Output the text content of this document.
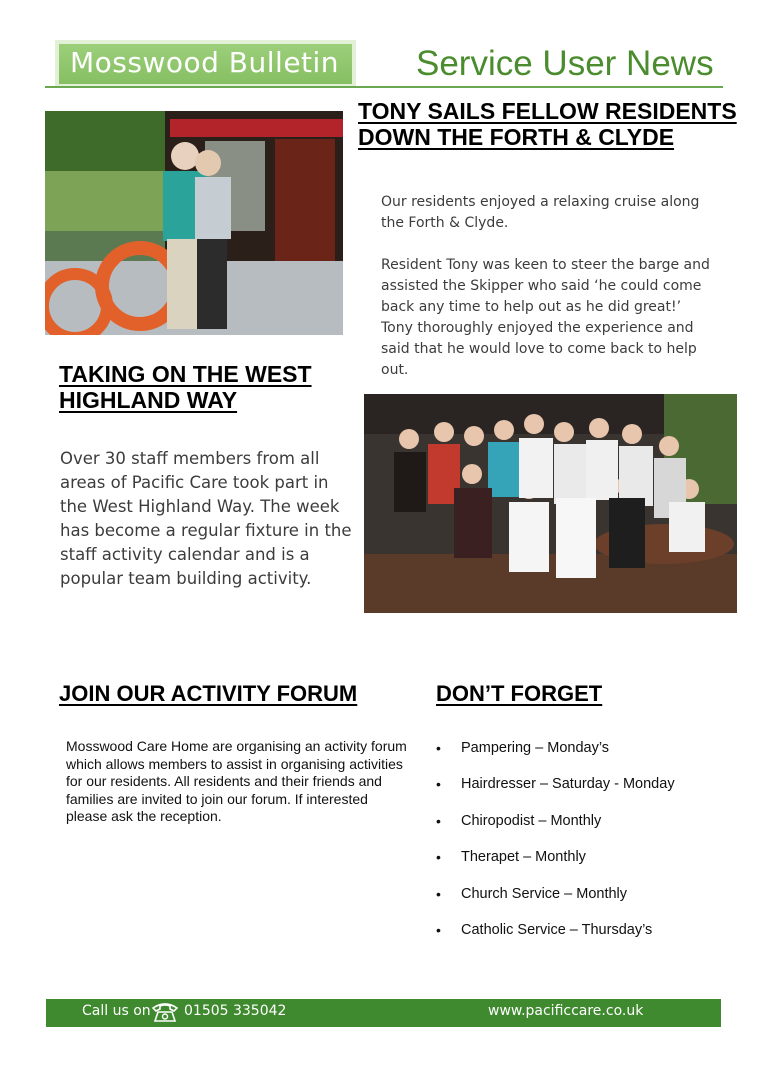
Mosswood Bulletin Service User News
TONY SAILS FELLOW RESIDENTS DOWN THE FORTH & CLYDE
Our residents enjoyed a relaxing cruise along the Forth & Clyde.
Resident Tony was keen to steer the barge and assisted the Skipper who said ‘he could come back any time to help out as he did great!’ Tony thoroughly enjoyed the experience and said that he would love to come back to help out.
TAKING ON THE WEST HIGHLAND WAY
Over 30 staff members from all areas of Pacific Care took part in the West Highland Way. The week has become a regular fixture in the staff activity calendar and is a popular team building activity.
JOIN OUR ACTIVITY FORUM
Mosswood Care Home are organising an activity forum which allows members to assist in organising activities for our residents. All residents and their friends and families are invited to join our forum. If interested please ask the reception.
DON’T FORGET
• Pampering – Monday’s
• Hairdresser – Saturday - Monday
• Chiropodist – Monthly
• Therapet – Monthly
• Church Service – Monthly
• Catholic Service – Thursday’s
Call us on 01505 335042	www.pacificcare.co.uk
